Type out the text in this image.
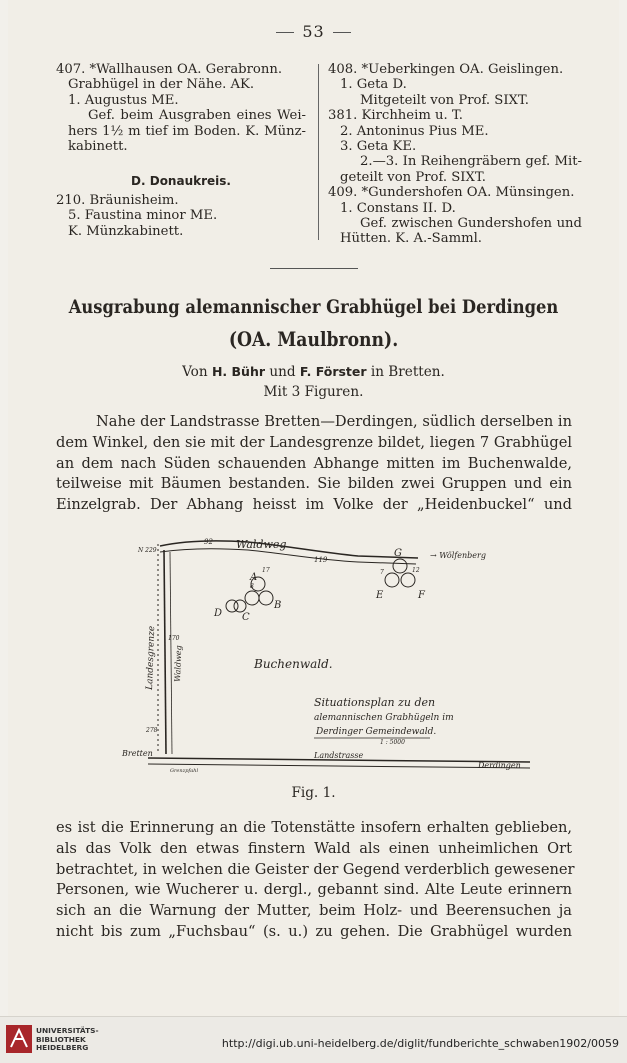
53
407. *Wallhausen OA. Gerabronn.
Grabhügel in der Nähe. AK.
1. Augustus ME.
Gef. beim Ausgraben eines Wei-
hers 1½ m tief im Boden. K. Münz-
kabinett.
D. Donaukreis.
210. Bräunisheim.
5. Faustina minor ME.
K. Münzkabinett.
408. *Ueberkingen OA. Geislingen.
1. Geta D.
Mitgeteilt von Prof. SIXT.
381. Kirchheim u. T.
2. Antoninus Pius ME.
3. Geta KE.
2.—3. In Reihengräbern gef. Mit-
geteilt von Prof. SIXT.
409. *Gundershofen OA. Münsingen.
1. Constans II. D.
Gef. zwischen Gundershofen und
Hütten. K. A.-Samml.
Ausgrabung alemannischer Grabhügel bei Derdingen
(OA. Maulbronn).
Von H. Bühr und F. Förster in Bretten.
Mit 3 Figuren.
Nahe der Landstrasse Bretten—Derdingen, südlich derselben in
dem Winkel, den sie mit der Landesgrenze bildet, liegen 7 Grabhügel
an dem nach Süden schauenden Abhange mitten im Buchenwalde,
teilweise mit Bäumen bestanden. Sie bilden zwei Gruppen und ein
Einzelgrab. Der Abhang heisst im Volke der „Heidenbuckel“ und
Waldweg
→ Wölfenberg
92
119
N 229
17	12
7
8
A
B
C
D
G
E	F
Buchenwald.
Landesgrenze Waldweg
170
278
Bretten
Grenzpfahl
Landstrasse
Derdingen
Situationsplan zu den
alemannischen Grabhügeln im
Derdinger Gemeindewald.
1 : 5000
Fig. 1.
es ist die Erinnerung an die Totenstätte insofern erhalten geblieben,
als das Volk den etwas finstern Wald als einen unheimlichen Ort
betrachtet, in welchen die Geister der Gegend verderblich gewesener
Personen, wie Wucherer u. dergl., gebannt sind. Alte Leute erinnern
sich an die Warnung der Mutter, beim Holz- und Beerensuchen ja
nicht bis zum „Fuchsbau“ (s. u.) zu gehen. Die Grabhügel wurden
UNIVERSITÄTS-
BIBLIOTHEK
HEIDELBERG	http://digi.ub.uni-heidelberg.de/diglit/fundberichte_schwaben1902/0059
